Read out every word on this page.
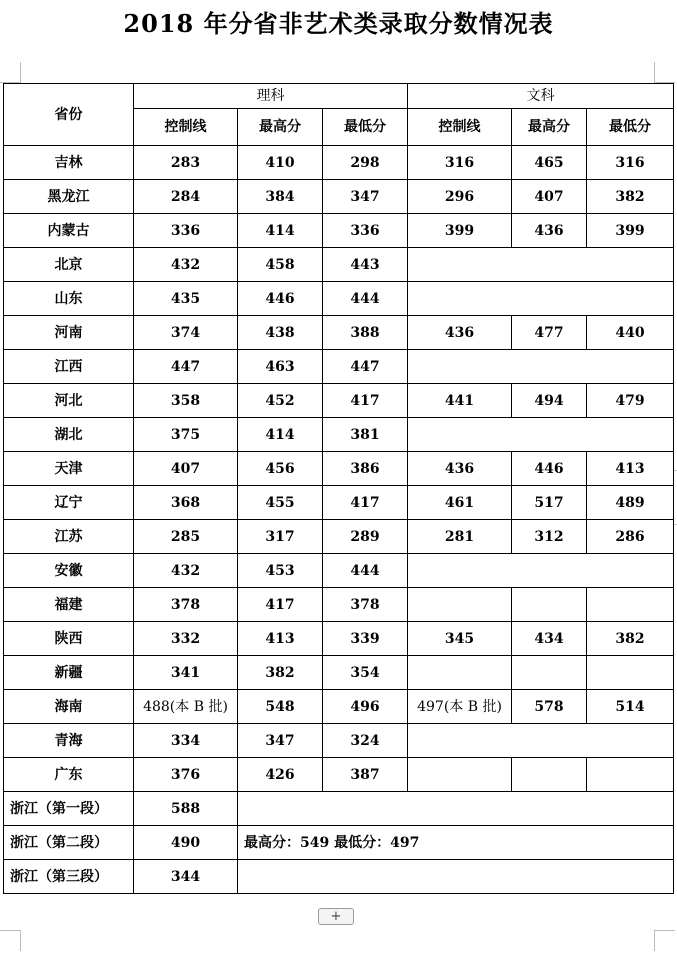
2018 年分省非艺术类录取分数情况表
省份	理科			文科		
	控制线	最高分	最低分	控制线	最高分	最低分
吉林	283	410	298	316	465	316
黑龙江	284	384	347	296	407	382
内蒙古	336	414	336	399	436	399
北京	432	458	443			
山东	435	446	444			
河南	374	438	388	436	477	440
江西	447	463	447			
河北	358	452	417	441	494	479
湖北	375	414	381			
天津	407	456	386	436	446	413
辽宁	368	455	417	461	517	489
江苏	285	317	289	281	312	286
安徽	432	453	444			
福建	378	417	378			
陕西	332	413	339	345	434	382
新疆	341	382	354			
海南	488(本 B 批)	548	496	497(本 B 批)	578	514
青海	334	347	324			
广东	376	426	387			
浙江（第一段）	588					
浙江（第二段）	490	最高分：549 最低分：497				
浙江（第三段）	344					
+
